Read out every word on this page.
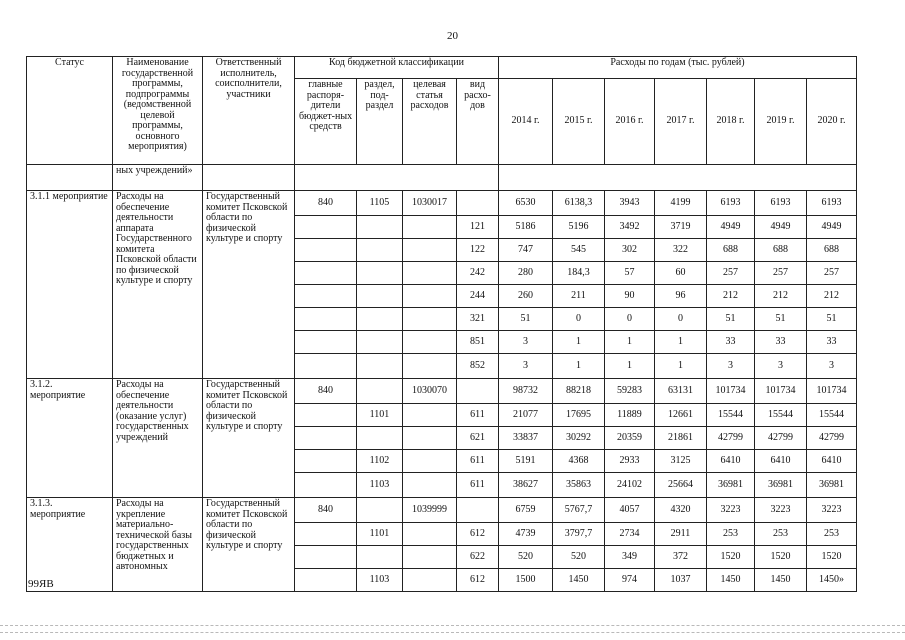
20
Статус	Наименование государственной программы, подпрограммы (ведомственной целевой программы, основного мероприятия)	Ответственный исполнитель, соисполнители, участники	Код бюджетной классификации				Расходы по годам (тыс. рублей)						
			главные распоря-дители бюджет-ных средств	раздел, под-раздел	целевая статья расходов	вид расхо-дов	2014 г.	2015 г.	2016 г.	2017 г.	2018 г.	2019 г.	2020 г.
	ных учреждений»												
3.1.1 мероприятие	Расходы на обеспечение деятельности аппарата Государственного комитета Псковской области по физической культуре и спорту	Государственный комитет Псковской области по физической культуре и спорту	840	1105	1030017		6530	6138,3	3943	4199	6193	6193	6193
						121	5186	5196	3492	3719	4949	4949	4949
						122	747	545	302	322	688	688	688
						242	280	184,3	57	60	257	257	257
						244	260	211	90	96	212	212	212
						321	51	0	0	0	51	51	51
						851	3	1	1	1	33	33	33
						852	3	1	1	1	3	3	3
3.1.2. мероприятие	Расходы на обеспечение деятельности (оказание услуг) государственных учреждений	Государственный комитет Псковской области по физической культуре и спорту	840		1030070		98732	88218	59283	63131	101734	101734	101734
				1101		611	21077	17695	11889	12661	15544	15544	15544
						621	33837	30292	20359	21861	42799	42799	42799
				1102		611	5191	4368	2933	3125	6410	6410	6410
				1103		611	38627	35863	24102	25664	36981	36981	36981
3.1.3. мероприятие	Расходы на укрепление материально-технической базы государственных бюджетных и автономных	Государственный комитет Псковской области по физической культуре и спорту	840		1039999		6759	5767,7	4057	4320	3223	3223	3223
				1101		612	4739	3797,7	2734	2911	253	253	253
						622	520	520	349	372	1520	1520	1520
				1103		612	1500	1450	974	1037	1450	1450	1450»
99ЯВ
